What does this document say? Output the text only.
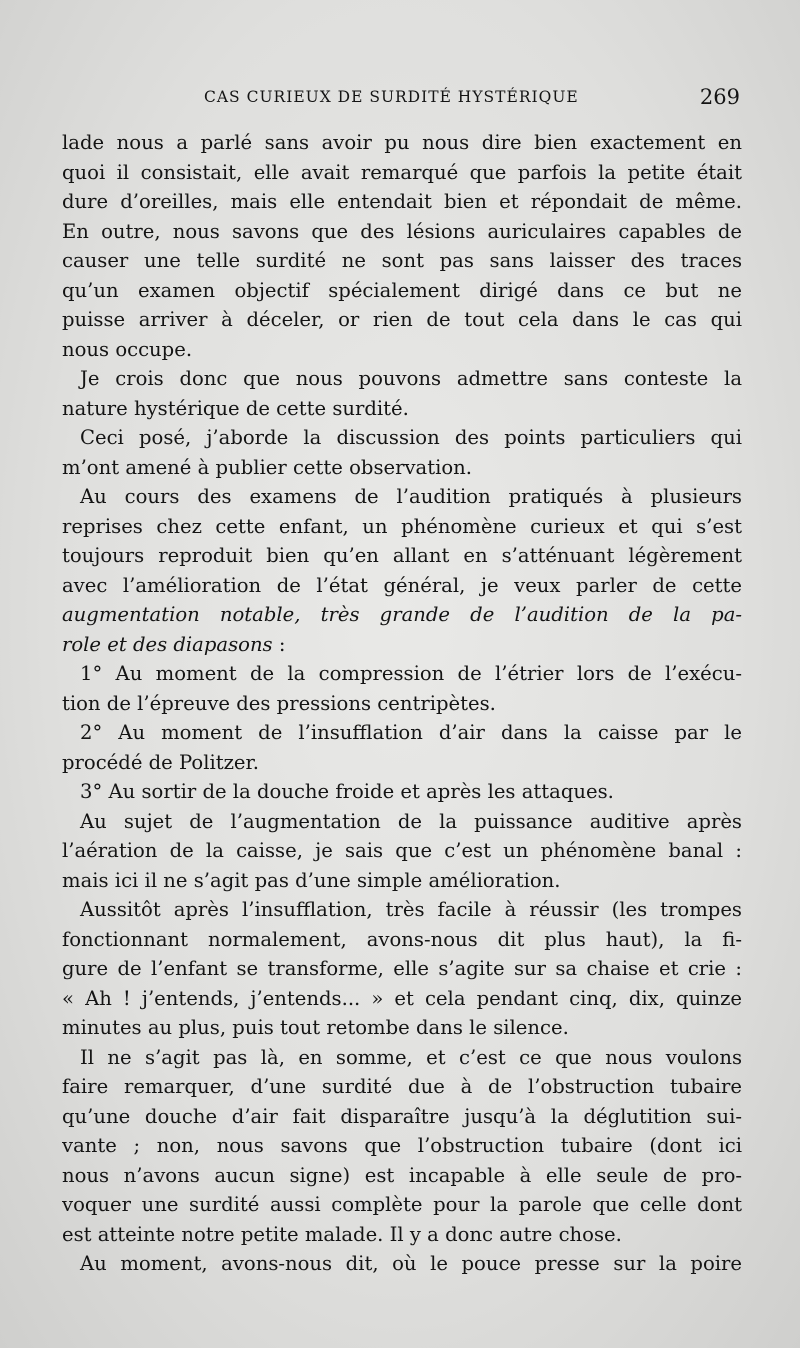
CAS CURIEUX DE SURDITÉ HYSTÉRIQUE	269
lade nous a parlé sans avoir pu nous dire bien exactement en
quoi il consistait, elle avait remarqué que parfois la petite était
dure d’oreilles, mais elle entendait bien et répondait de même.
En outre, nous savons que des lésions auriculaires capables de
causer une telle surdité ne sont pas sans laisser des traces
qu’un examen objectif spécialement dirigé dans ce but ne
puisse arriver à déceler, or rien de tout cela dans le cas qui
nous occupe.
Je crois donc que nous pouvons admettre sans conteste la
nature hystérique de cette surdité.
Ceci posé, j’aborde la discussion des points particuliers qui
m’ont amené à publier cette observation.
Au cours des examens de l’audition pratiqués à plusieurs
reprises chez cette enfant, un phénomène curieux et qui s’est
toujours reproduit bien qu’en allant en s’atténuant légèrement
avec l’amélioration de l’état général, je veux parler de cette
augmentation notable, très grande de l’audition de la pa-
role et des diapasons :
1° Au moment de la compression de l’étrier lors de l’exécu-
tion de l’épreuve des pressions centripètes.
2° Au moment de l’insufflation d’air dans la caisse par le
procédé de Politzer.
3° Au sortir de la douche froide et après les attaques.
Au sujet de l’augmentation de la puissance auditive après
l’aération de la caisse, je sais que c’est un phénomène banal :
mais ici il ne s’agit pas d’une simple amélioration.
Aussitôt après l’insufflation, très facile à réussir (les trompes
fonctionnant normalement, avons-nous dit plus haut), la fi-
gure de l’enfant se transforme, elle s’agite sur sa chaise et crie :
« Ah ! j’entends, j’entends... » et cela pendant cinq, dix, quinze
minutes au plus, puis tout retombe dans le silence.
Il ne s’agit pas là, en somme, et c’est ce que nous voulons
faire remarquer, d’une surdité due à de l’obstruction tubaire
qu’une douche d’air fait disparaître jusqu’à la déglutition sui-
vante ; non, nous savons que l’obstruction tubaire (dont ici
nous n’avons aucun signe) est incapable à elle seule de pro-
voquer une surdité aussi complète pour la parole que celle dont
est atteinte notre petite malade. Il y a donc autre chose.
Au moment, avons-nous dit, où le pouce presse sur la poire
